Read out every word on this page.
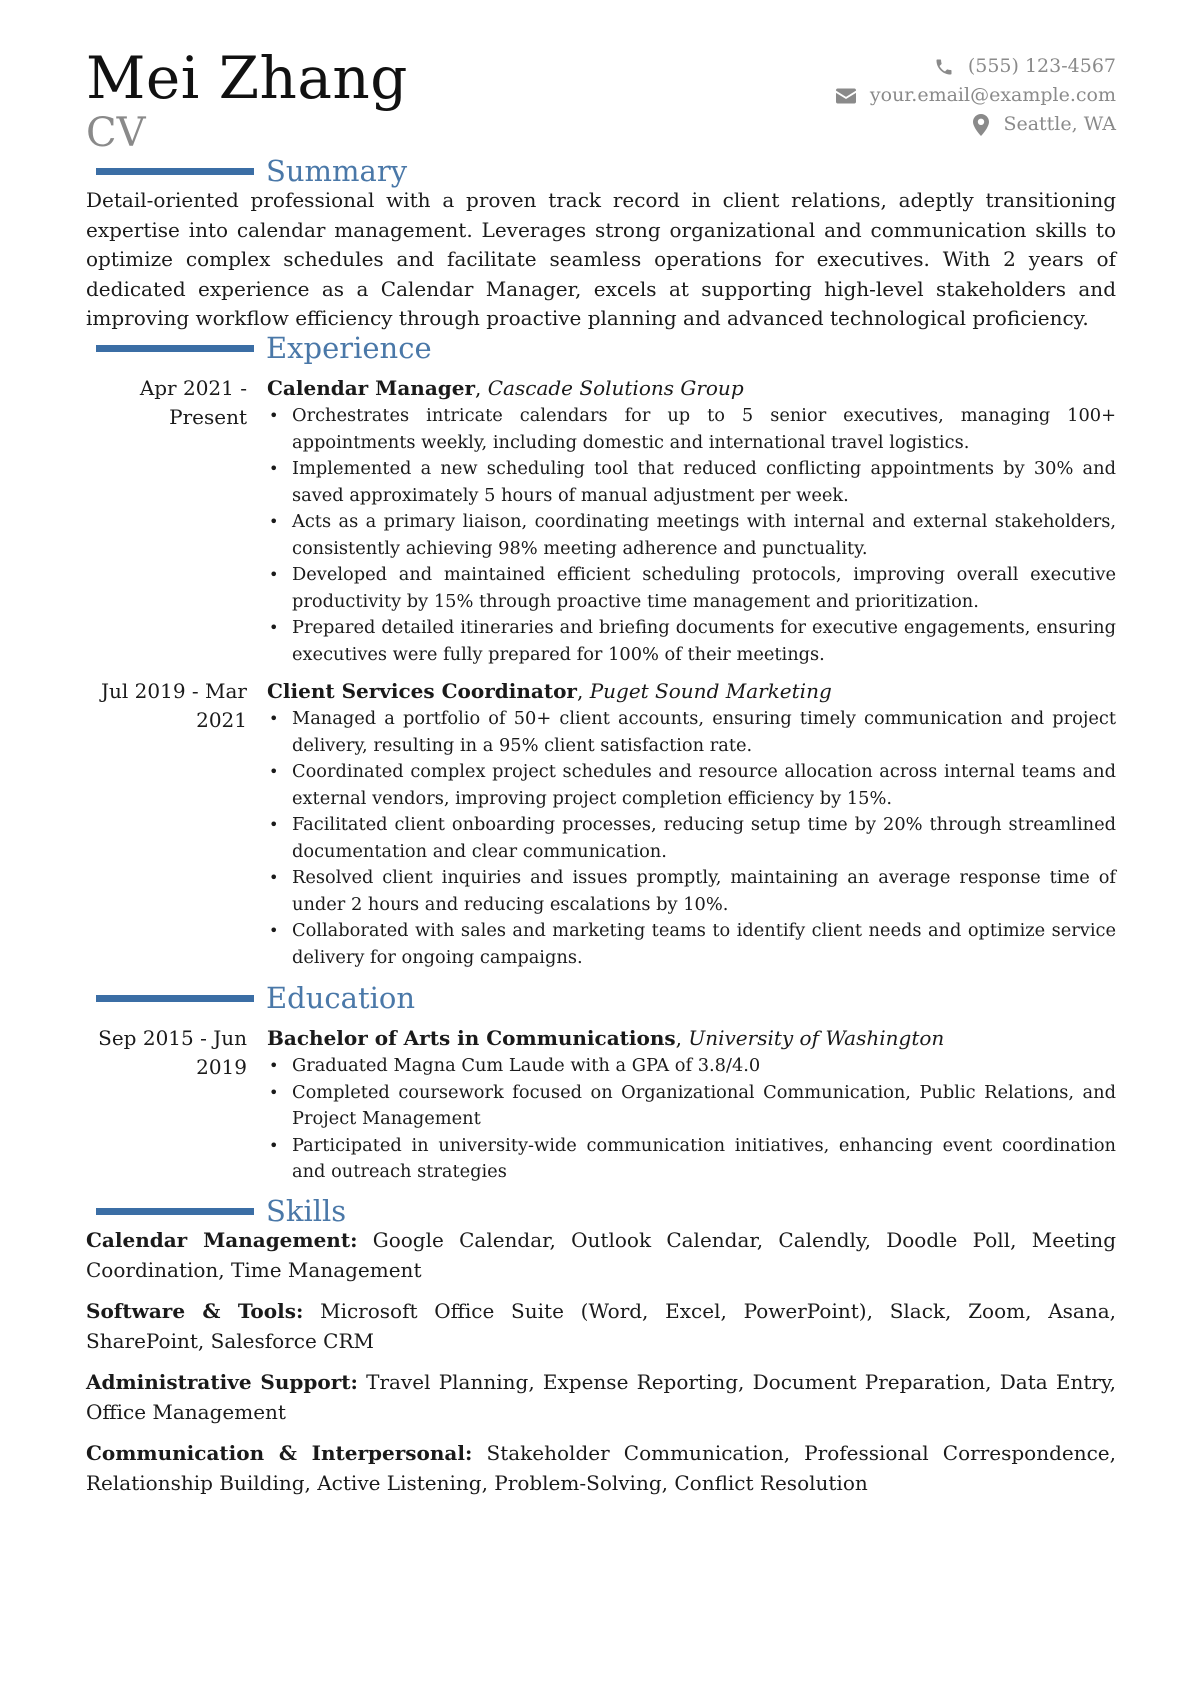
Mei Zhang
CV
(555) 123-4567
your.email@example.com
Seattle, WA
Summary
Detail-oriented professional with a proven track record in client relations, adeptly transitioning expertise into calendar management. Leverages strong organizational and communication skills to optimize complex schedules and facilitate seamless operations for executives. With 2 years of dedicated experience as a Calendar Manager, excels at supporting high-level stakeholders and improving workflow efficiency through proactive planning and advanced technological proficiency.
Experience
Apr 2021 - Present
Calendar Manager, Cascade Solutions Group
• Orchestrates intricate calendars for up to 5 senior executives, managing 100+ appointments weekly, including domestic and international travel logistics.
• Implemented a new scheduling tool that reduced conflicting appointments by 30% and saved approximately 5 hours of manual adjustment per week.
• Acts as a primary liaison, coordinating meetings with internal and external stakeholders, consistently achieving 98% meeting adherence and punctuality.
• Developed and maintained efficient scheduling protocols, improving overall executive productivity by 15% through proactive time management and prioritization.
• Prepared detailed itineraries and briefing documents for executive engagements, ensuring executives were fully prepared for 100% of their meetings.
Jul 2019 - Mar 2021
Client Services Coordinator, Puget Sound Marketing
• Managed a portfolio of 50+ client accounts, ensuring timely communication and project delivery, resulting in a 95% client satisfaction rate.
• Coordinated complex project schedules and resource allocation across internal teams and external vendors, improving project completion efficiency by 15%.
• Facilitated client onboarding processes, reducing setup time by 20% through streamlined documentation and clear communication.
• Resolved client inquiries and issues promptly, maintaining an average response time of under 2 hours and reducing escalations by 10%.
• Collaborated with sales and marketing teams to identify client needs and optimize service delivery for ongoing campaigns.
Education
Sep 2015 - Jun 2019
Bachelor of Arts in Communications, University of Washington
• Graduated Magna Cum Laude with a GPA of 3.8/4.0
• Completed coursework focused on Organizational Communication, Public Relations, and Project Management
• Participated in university-wide communication initiatives, enhancing event coordination and outreach strategies
Skills
Calendar Management: Google Calendar, Outlook Calendar, Calendly, Doodle Poll, Meeting Coordination, Time Management
Software & Tools: Microsoft Office Suite (Word, Excel, PowerPoint), Slack, Zoom, Asana, SharePoint, Salesforce CRM
Administrative Support: Travel Planning, Expense Reporting, Document Preparation, Data Entry, Office Management
Communication & Interpersonal: Stakeholder Communication, Professional Correspondence, Relationship Building, Active Listening, Problem-Solving, Conflict Resolution
